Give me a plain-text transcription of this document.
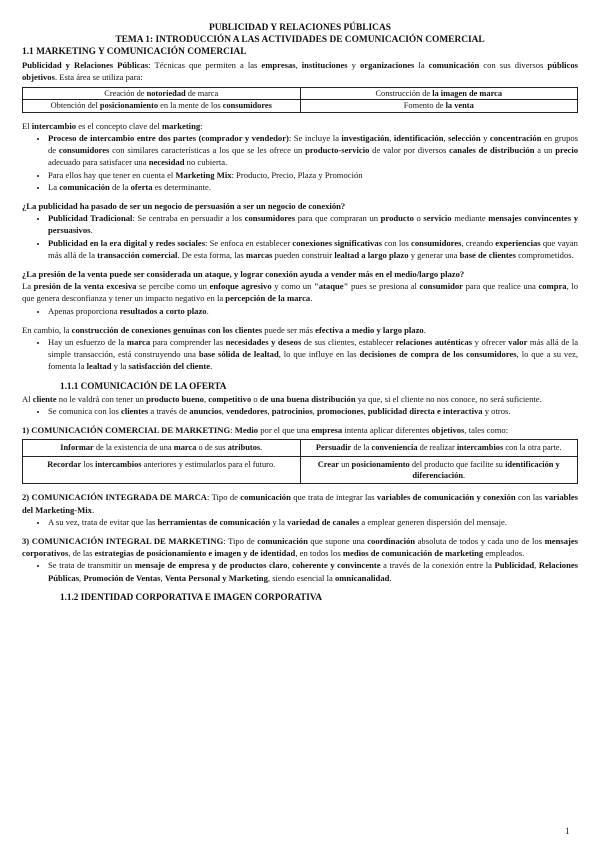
PUBLICIDAD Y RELACIONES PÚBLICAS
TEMA 1: INTRODUCCIÓN A LAS ACTIVIDADES DE COMUNICACIÓN COMERCIAL
1.1 MARKETING Y COMUNICACIÓN COMERCIAL

Publicidad y Relaciones Públicas: Técnicas que permiten a las empresas, instituciones y organizaciones la comunicación con sus diversos públicos objetivos. Esta área se utiliza para:

Creación de notoriedad de marca	Construcción de la imagen de marca
Obtención del posicionamiento en la mente de los consumidores	Fomento de la venta

El intercambio es el concepto clave del marketing:

• Proceso de intercambio entre dos partes (comprador y vendedor): Se incluye la investigación, identificación, selección y concentración en grupos de consumidores con similares características a los que se les ofrece un producto-servicio de valor por diversos canales de distribución a un precio adecuado para satisfacer una necesidad no cubierta.
• Para ellos hay que tener en cuenta el Marketing Mix: Producto, Precio, Plaza y Promoción
• La comunicación de la oferta es determinante.

¿La publicidad ha pasado de ser un negocio de persuasión a ser un negocio de conexión?

• Publicidad Tradicional: Se centraba en persuadir a los consumidores para que compraran un producto o servicio mediante mensajes convincentes y persuasivos.
• Publicidad en la era digital y redes sociales: Se enfoca en establecer conexiones significativas con los consumidores, creando experiencias que vayan más allá de la transacción comercial. De esta forma, las marcas pueden construir lealtad a largo plazo y generar una base de clientes comprometidos.

¿La presión de la venta puede ser considerada un ataque, y lograr conexión ayuda a vender más en el medio/largo plazo?

La presión de la venta excesiva se percibe como un enfoque agresivo y como un "ataque" pues se presiona al consumidor para que realice una compra, lo que genera desconfianza y tener un impacto negativo en la percepción de la marca.

• Apenas proporciona resultados a corto plazo.

En cambio, la construcción de conexiones genuinas con los clientes puede ser más efectiva a medio y largo plazo.

• Hay un esfuerzo de la marca para comprender las necesidades y deseos de sus clientes, establecer relaciones auténticas y ofrecer valor más allá de la simple transacción, está construyendo una base sólida de lealtad, lo que influye en las decisiones de compra de los consumidores, lo que a su vez, fomenta la lealtad y la satisfacción del cliente.
1.1.1 COMUNICACIÓN DE LA OFERTA

Al cliente no le valdrá con tener un producto bueno, competitivo o de una buena distribución ya que, si el cliente no nos conoce, no será suficiente.

• Se comunica con los clientes a través de anuncios, vendedores, patrocinios, promociones, publicidad directa e interactiva y otros.

1) COMUNICACIÓN COMERCIAL DE MARKETING: Medio por el que una empresa intenta aplicar diferentes objetivos, tales como:

Informar de la existencia de una marca o de sus atributos.	Persuadir de la conveniencia de realizar intercambios con la otra parte.
Recordar los intercambios anteriores y estimularlos para el futuro.	Crear un posicionamiento del producto que facilite su identificación y diferenciación.

2) COMUNICACIÓN INTEGRADA DE MARCA: Tipo de comunicación que trata de integrar las variables de comunicación y conexión con las variables del Marketing-Mix.

• A su vez, trata de evitar que las herramientas de comunicación y la variedad de canales a emplear generen dispersión del mensaje.

3) COMUNICACIÓN INTEGRAL DE MARKETING: Tipo de comunicación que supone una coordinación absoluta de todos y cada uno de los mensajes corporativos, de las estrategias de posicionamiento e imagen y de identidad, en todos los medios de comunicación de marketing empleados.

• Se trata de transmitir un mensaje de empresa y de productos claro, coherente y convincente a través de la conexión entre la Publicidad, Relaciones Públicas, Promoción de Ventas, Venta Personal y Marketing, siendo esencial la omnicanalidad.
1.1.2 IDENTIDAD CORPORATIVA E IMAGEN CORPORATIVA
1
